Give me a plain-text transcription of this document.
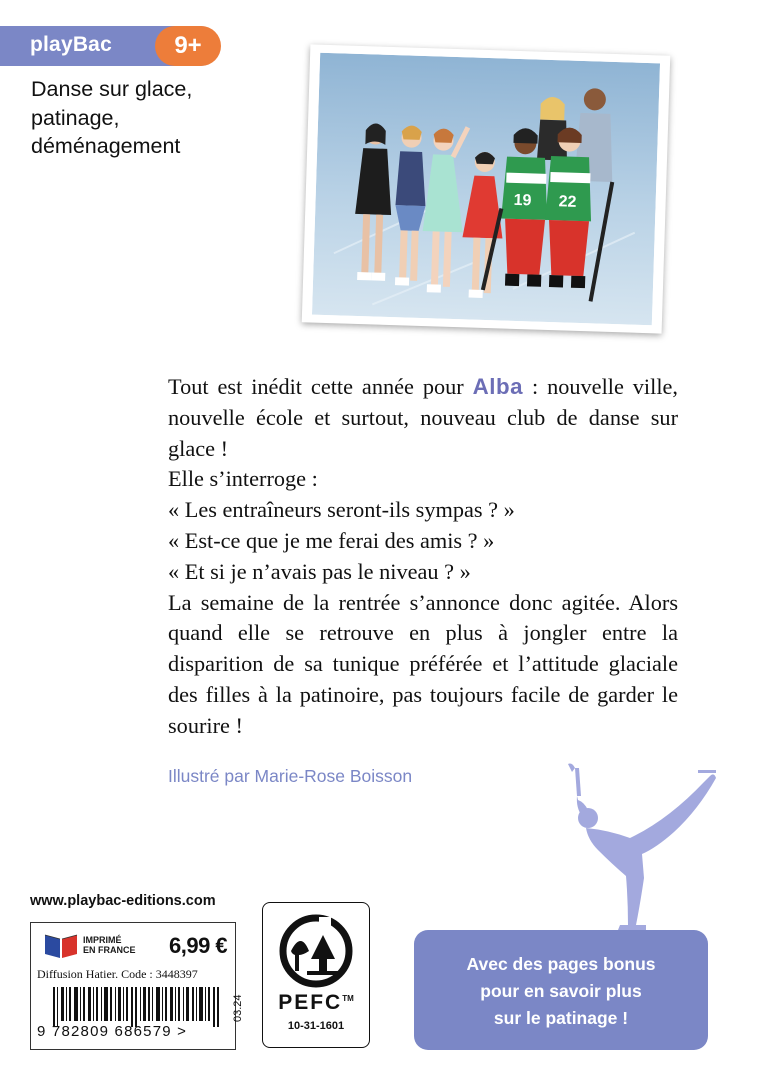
playBac	9+
Danse sur glace,
patinage,
déménagement
19 22

Tout est inédit cette année pour Alba : nouvelle ville, nouvelle école et surtout, nouveau club de danse sur glace !

Elle s’interroge :

« Les entraîneurs seront-ils sympas ? »

« Est-ce que je me ferai des amis ? »

« Et si je n’avais pas le niveau ? »

La semaine de la rentrée s’annonce donc agitée. Alors quand elle se retrouve en plus à jongler entre la disparition de sa tunique préférée et l’attitude glaciale des filles à la patinoire, pas toujours facile de garder le sourire !

Illustré par Marie-Rose Boisson
www.playbac-editions.com
IMPRIMÉ
EN FRANCE 6,99 €
Diffusion Hatier. Code : 3448397
9 782809 686579 >
03.24	PEFC™
10-31-1601
Avec des pages bonus
pour en savoir plus
sur le patinage !
